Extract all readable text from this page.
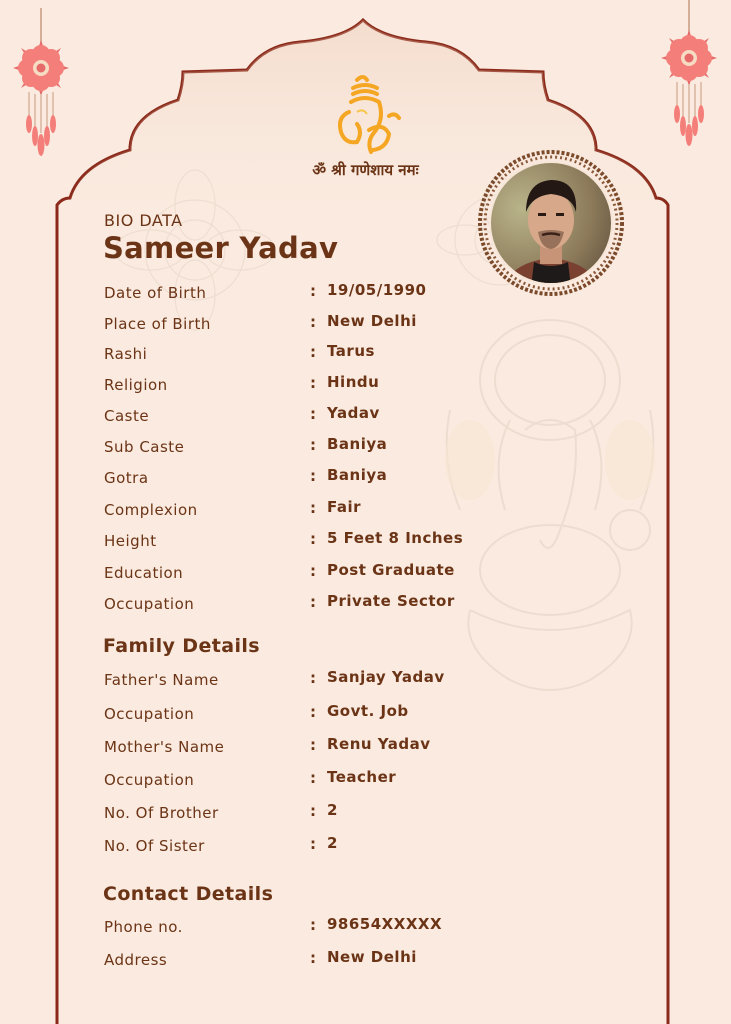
ॐ श्री गणेशाय नमः
BIO DATA
Sameer Yadav
Date of Birth	: 19/05/1990
Place of Birth	: New Delhi
Rashi	: Tarus
Religion	: Hindu
Caste	: Yadav
Sub Caste	: Baniya
Gotra	: Baniya
Complexion	: Fair
Height	: 5 Feet 8 Inches
Education	: Post Graduate
Occupation	: Private Sector
Family Details
Father's Name	: Sanjay Yadav
Occupation	: Govt. Job
Mother's Name	: Renu Yadav
Occupation	: Teacher
No. Of Brother	: 2
No. Of Sister	: 2
Contact Details
Phone no.	: 98654XXXXX
Address	: New Delhi
